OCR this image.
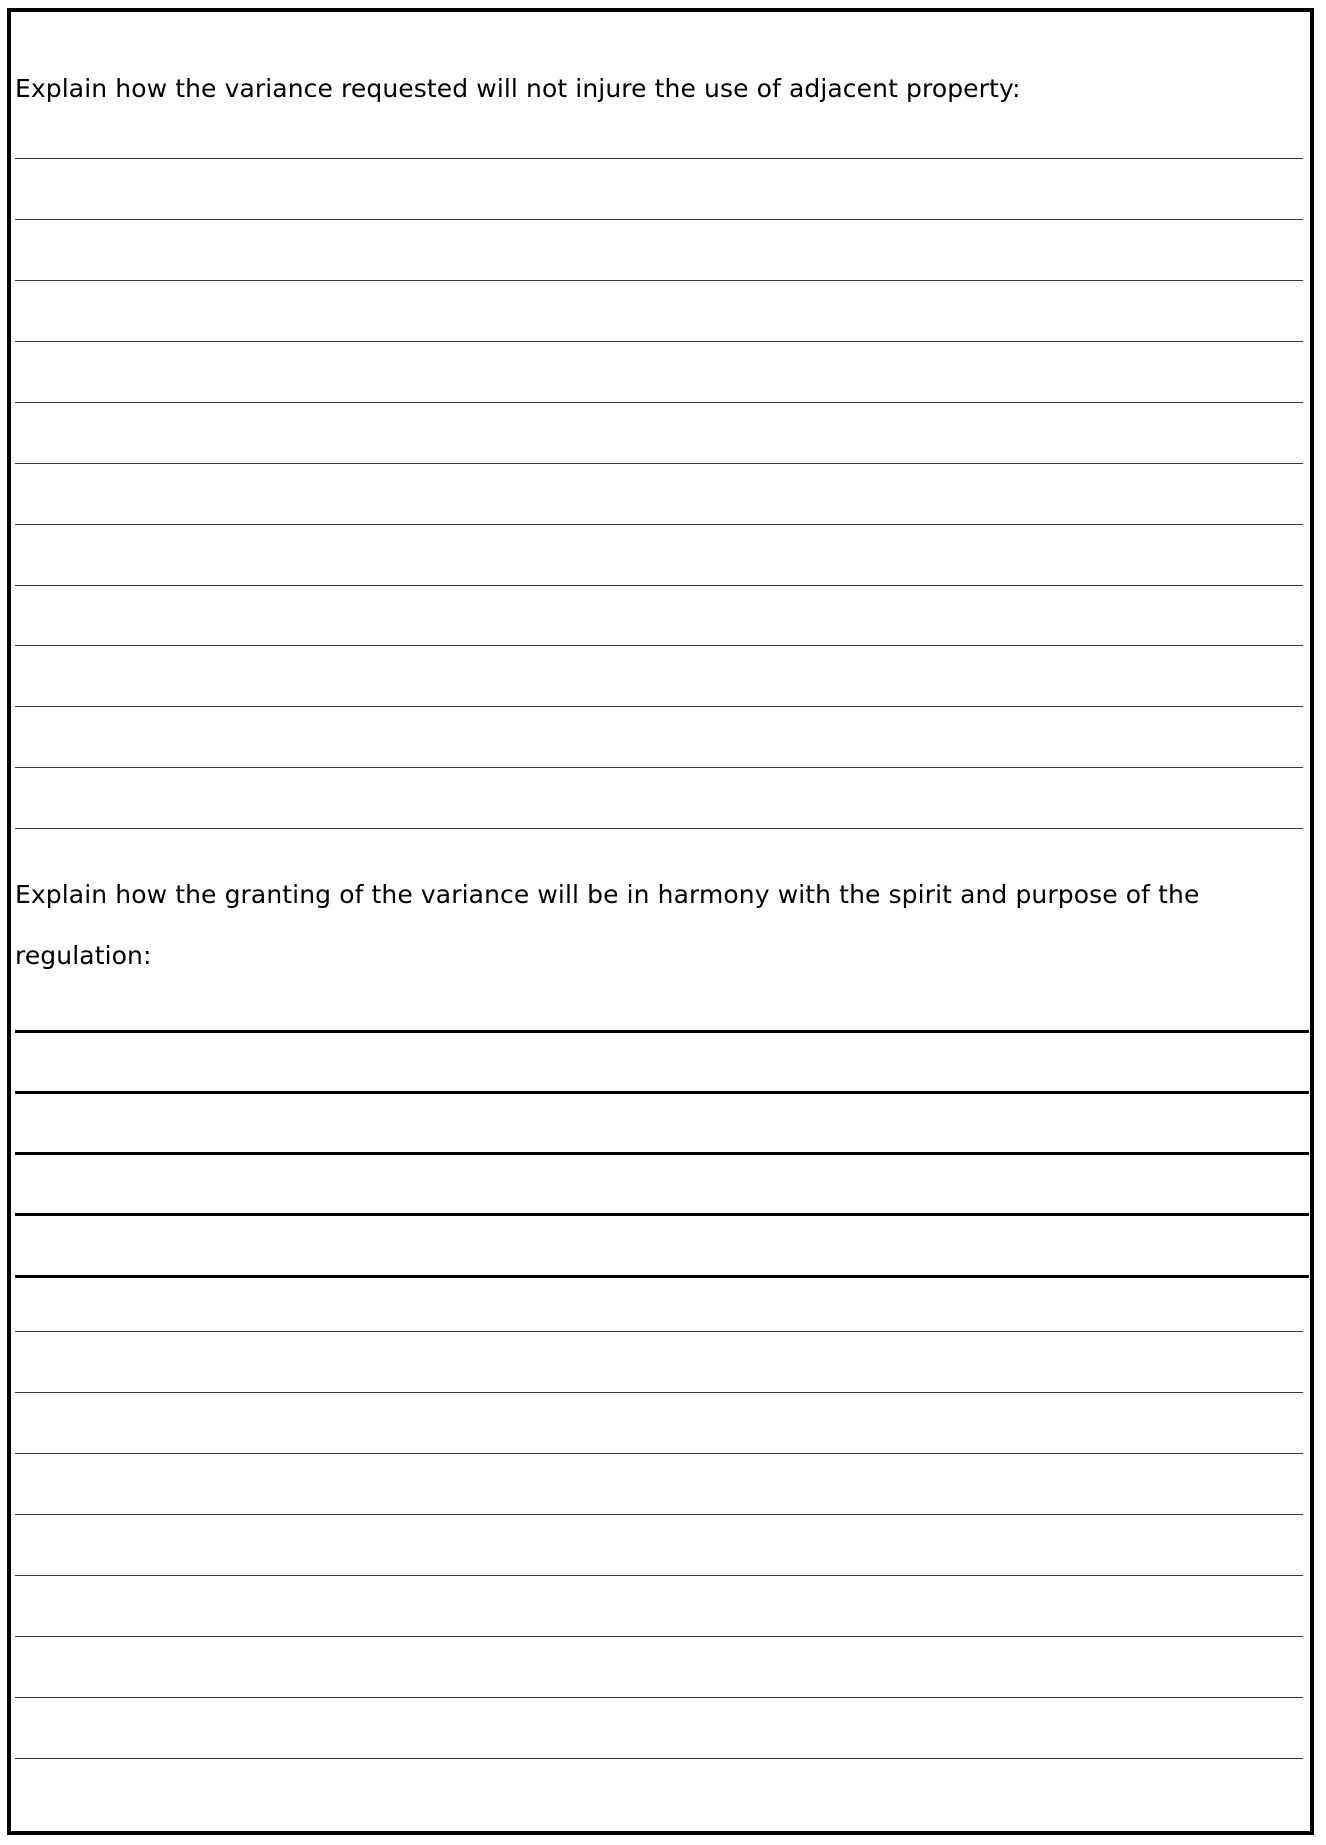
Explain how the variance requested will not injure the use of adjacent property:
Explain how the granting of the variance will be in harmony with the spirit and purpose of the
regulation:
